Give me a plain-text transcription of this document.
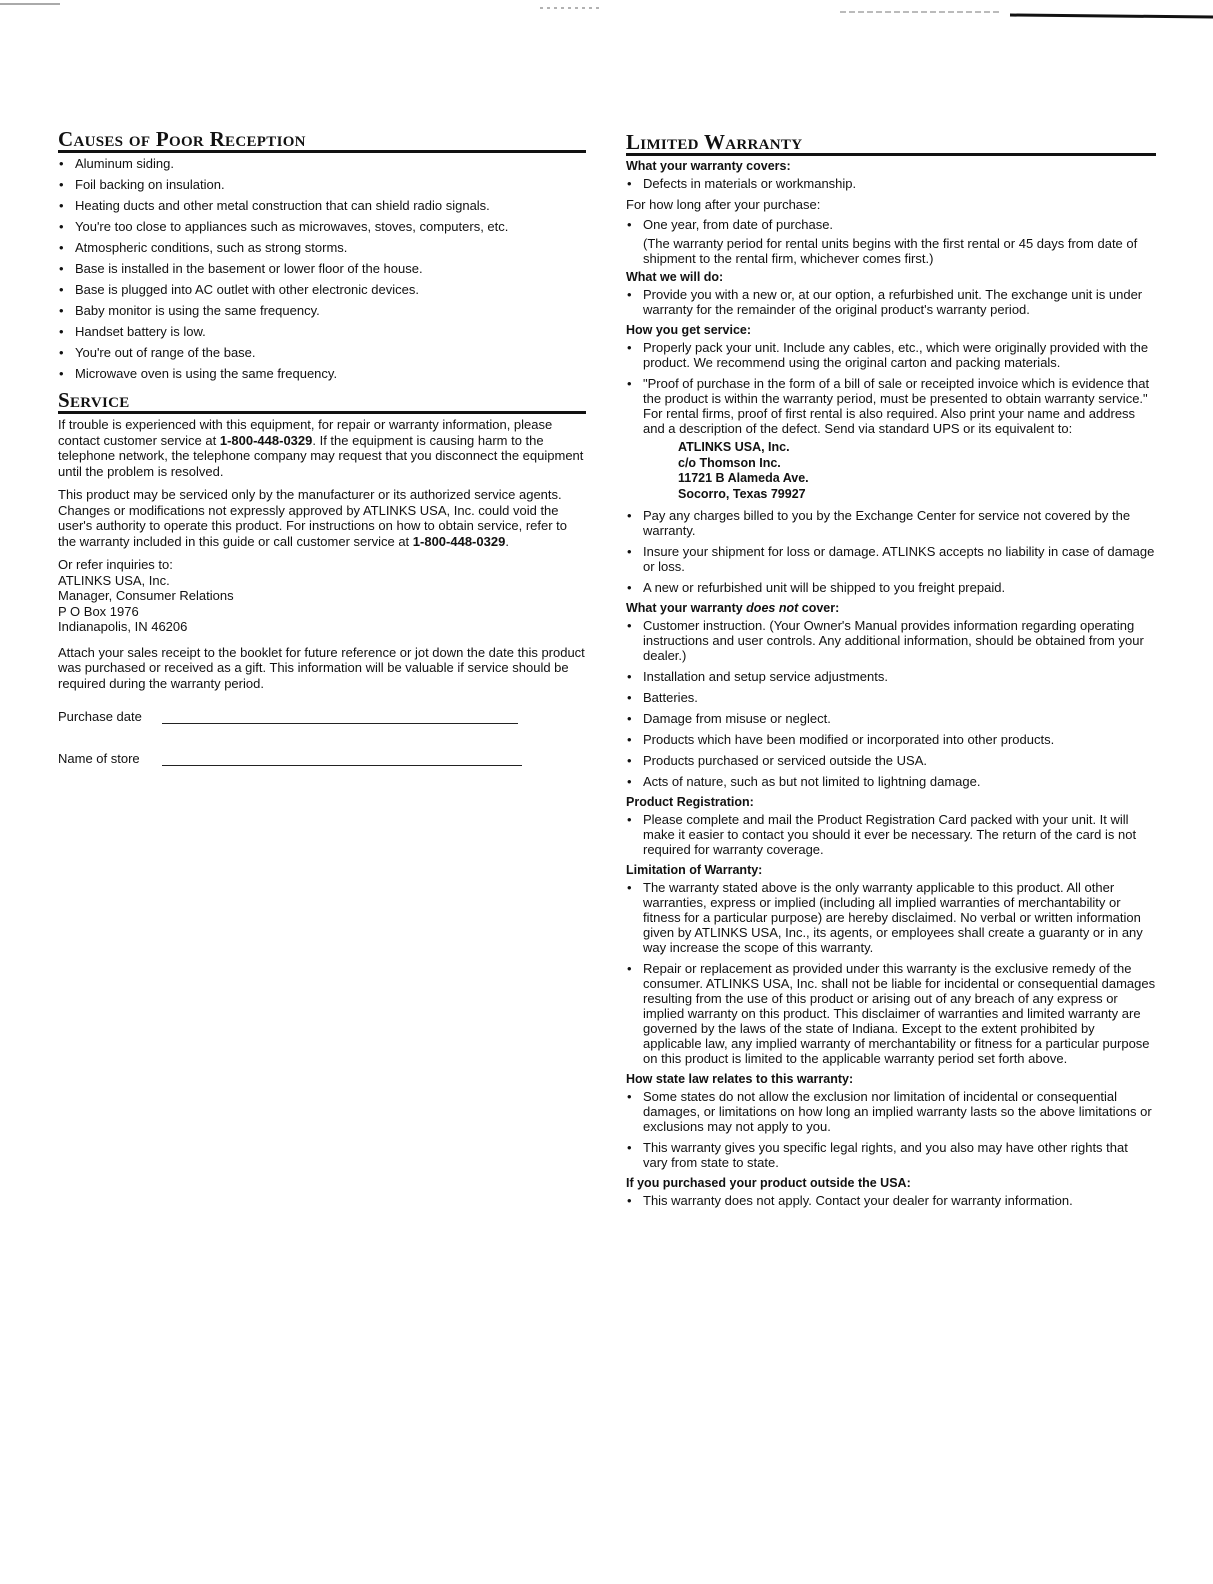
Causes of Poor Reception
• Aluminum siding.
• Foil backing on insulation.
• Heating ducts and other metal construction that can shield radio signals.
• You're too close to appliances such as microwaves, stoves, computers, etc.
• Atmospheric conditions, such as strong storms.
• Base is installed in the basement or lower floor of the house.
• Base is plugged into AC outlet with other electronic devices.
• Baby monitor is using the same frequency.
• Handset battery is low.
• You're out of range of the base.
• Microwave oven is using the same frequency.
Service

If trouble is experienced with this equipment, for repair or warranty information, please contact customer service at 1-800-448-0329. If the equipment is causing harm to the telephone network, the telephone company may request that you disconnect the equipment until the problem is resolved.

This product may be serviced only by the manufacturer or its authorized service agents. Changes or modifications not expressly approved by ATLINKS USA, Inc. could void the user's authority to operate this product. For instructions on how to obtain service, refer to the warranty included in this guide or call customer service at 1-800-448-0329.

Or refer inquiries to:
ATLINKS USA, Inc.
Manager, Consumer Relations
P O Box 1976
Indianapolis, IN 46206

Attach your sales receipt to the booklet for future reference or jot down the date this product was purchased or received as a gift. This information will be valuable if service should be required during the warranty period.

Purchase date
Name of store
Limited Warranty
What your warranty covers:
• Defects in materials or workmanship.
For how long after your purchase:
• One year, from date of purchase.
(The warranty period for rental units begins with the first rental or 45 days from date of shipment to the rental firm, whichever comes first.)
What we will do:
• Provide you with a new or, at our option, a refurbished unit. The exchange unit is under warranty for the remainder of the original product's warranty period.
How you get service:
• Properly pack your unit. Include any cables, etc., which were originally provided with the product. We recommend using the original carton and packing materials.
• "Proof of purchase in the form of a bill of sale or receipted invoice which is evidence that the product is within the warranty period, must be presented to obtain warranty service." For rental firms, proof of first rental is also required. Also print your name and address and a description of the defect. Send via standard UPS or its equivalent to:
ATLINKS USA, Inc.
c/o Thomson Inc.
11721 B Alameda Ave.
Socorro, Texas 79927
• Pay any charges billed to you by the Exchange Center for service not covered by the warranty.
• Insure your shipment for loss or damage. ATLINKS accepts no liability in case of damage or loss.
• A new or refurbished unit will be shipped to you freight prepaid.
What your warranty does not cover:
• Customer instruction. (Your Owner's Manual provides information regarding operating instructions and user controls. Any additional information, should be obtained from your dealer.)
• Installation and setup service adjustments.
• Batteries.
• Damage from misuse or neglect.
• Products which have been modified or incorporated into other products.
• Products purchased or serviced outside the USA.
• Acts of nature, such as but not limited to lightning damage.
Product Registration:
• Please complete and mail the Product Registration Card packed with your unit. It will make it easier to contact you should it ever be necessary. The return of the card is not required for warranty coverage.
Limitation of Warranty:
• The warranty stated above is the only warranty applicable to this product. All other warranties, express or implied (including all implied warranties of merchantability or fitness for a particular purpose) are hereby disclaimed. No verbal or written information given by ATLINKS USA, Inc., its agents, or employees shall create a guaranty or in any way increase the scope of this warranty.
• Repair or replacement as provided under this warranty is the exclusive remedy of the consumer. ATLINKS USA, Inc. shall not be liable for incidental or consequential damages resulting from the use of this product or arising out of any breach of any express or implied warranty on this product. This disclaimer of warranties and limited warranty are governed by the laws of the state of Indiana. Except to the extent prohibited by applicable law, any implied warranty of merchantability or fitness for a particular purpose on this product is limited to the applicable warranty period set forth above.
How state law relates to this warranty:
• Some states do not allow the exclusion nor limitation of incidental or consequential damages, or limitations on how long an implied warranty lasts so the above limitations or exclusions may not apply to you.
• This warranty gives you specific legal rights, and you also may have other rights that vary from state to state.
If you purchased your product outside the USA:
• This warranty does not apply. Contact your dealer for warranty information.
